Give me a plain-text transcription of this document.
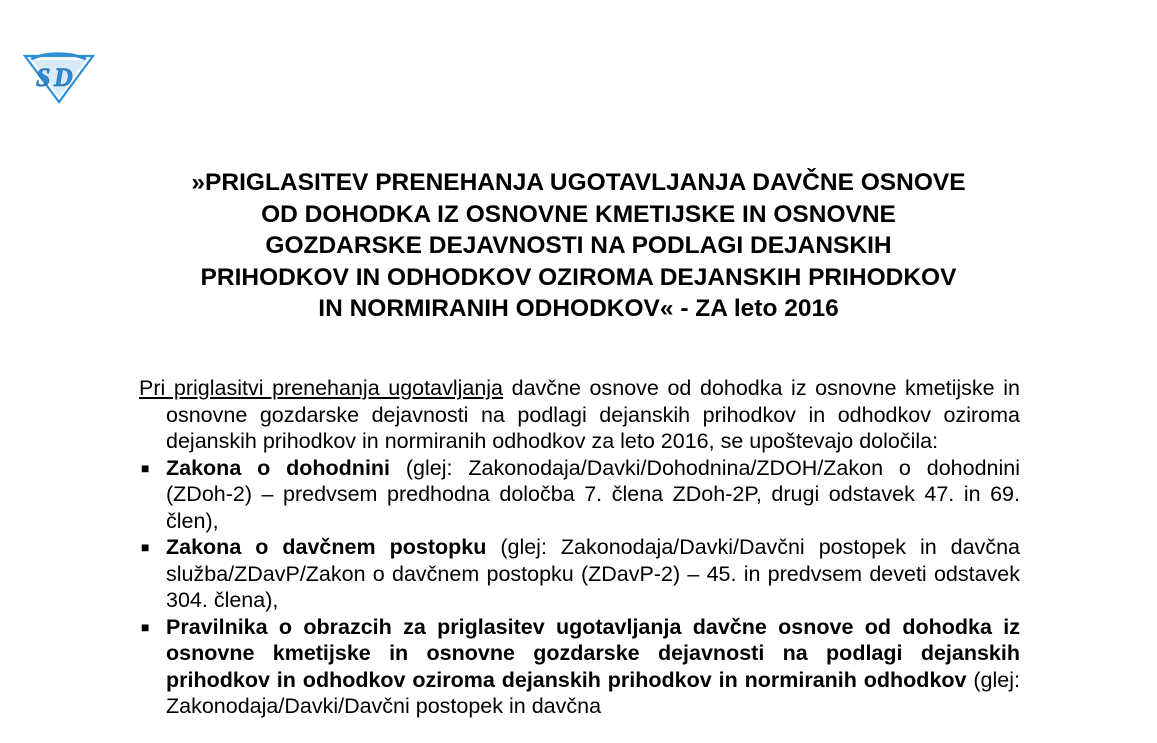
S D
»PRIGLASITEV PRENEHANJA UGOTAVLJANJA DAVČNE OSNOVE
OD DOHODKA IZ OSNOVNE KMETIJSKE IN OSNOVNE
GOZDARSKE DEJAVNOSTI NA PODLAGI DEJANSKIH
PRIHODKOV IN ODHODKOV OZIROMA DEJANSKIH PRIHODKOV
IN NORMIRANIH ODHODKOV« - ZA leto 2016

Pri priglasitvi prenehanja ugotavljanja davčne osnove od dohodka iz osnovne kmetijske in osnovne gozdarske dejavnosti na podlagi dejanskih prihodkov in odhodkov oziroma dejanskih prihodkov in normiranih odhodkov za leto 2016, se upoštevajo določila:

■ Zakona o dohodnini (glej: Zakonodaja/Davki/Dohodnina/ZDOH/Zakon o dohodnini (ZDoh-2) – predvsem predhodna določba 7. člena ZDoh-2P, drugi odstavek 47. in 69. člen),
■ Zakona o davčnem postopku (glej: Zakonodaja/Davki/Davčni postopek in davčna služba/ZDavP/Zakon o davčnem postopku (ZDavP-2) – 45. in predvsem deveti odstavek 304. člena),
■ Pravilnika o obrazcih za priglasitev ugotavljanja davčne osnove od dohodka iz osnovne kmetijske in osnovne gozdarske dejavnosti na podlagi dejanskih prihodkov in odhodkov oziroma dejanskih prihodkov in normiranih odhodkov (glej: Zakonodaja/Davki/Davčni postopek in davčna
